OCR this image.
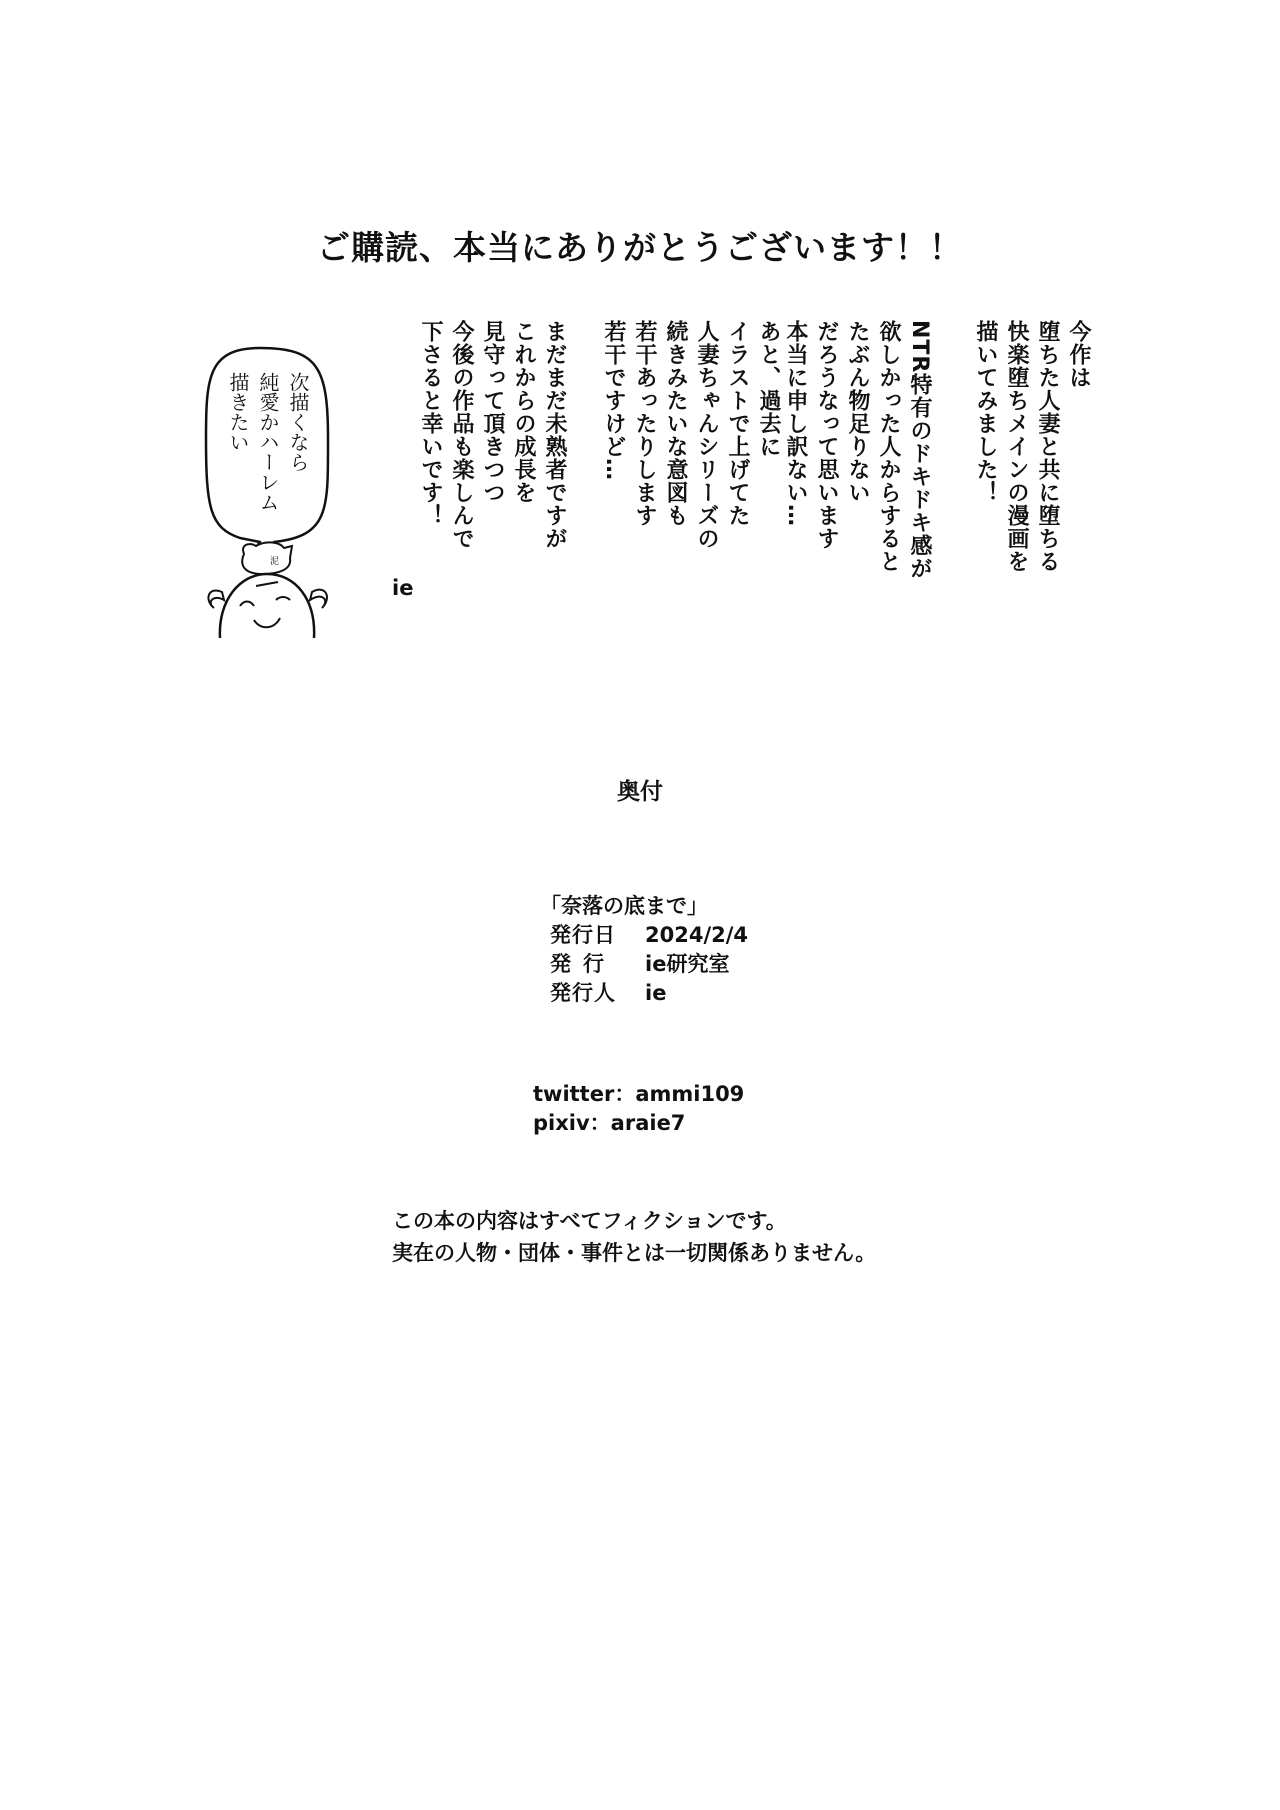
ご購読、本当にありがとうございます！！
今作は
堕ちた人妻と共に堕ちる
快楽堕ちメインの漫画を
描いてみました！
NTR特有のドキドキ感が
欲しかった人からすると
たぶん物足りない
だろうなって思います
本当に申し訳ない…
あと、過去に
イラストで上げてた
人妻ちゃんシリーズの
続きみたいな意図も
若干あったりします
若干ですけど…
まだまだ未熟者ですが
これからの成長を
見守って頂きつつ
今後の作品も楽しんで
下さると幸いです！
ie
次描くなら
純愛かハーレム
描きたい
泥
奥付
「奈落の底まで」
発行日 2024/2/4
発行 ie研究室
発行人 ie
twitter：ammi109
pixiv：araie7
この本の内容はすべてフィクションです。
実在の人物・団体・事件とは一切関係ありません。
